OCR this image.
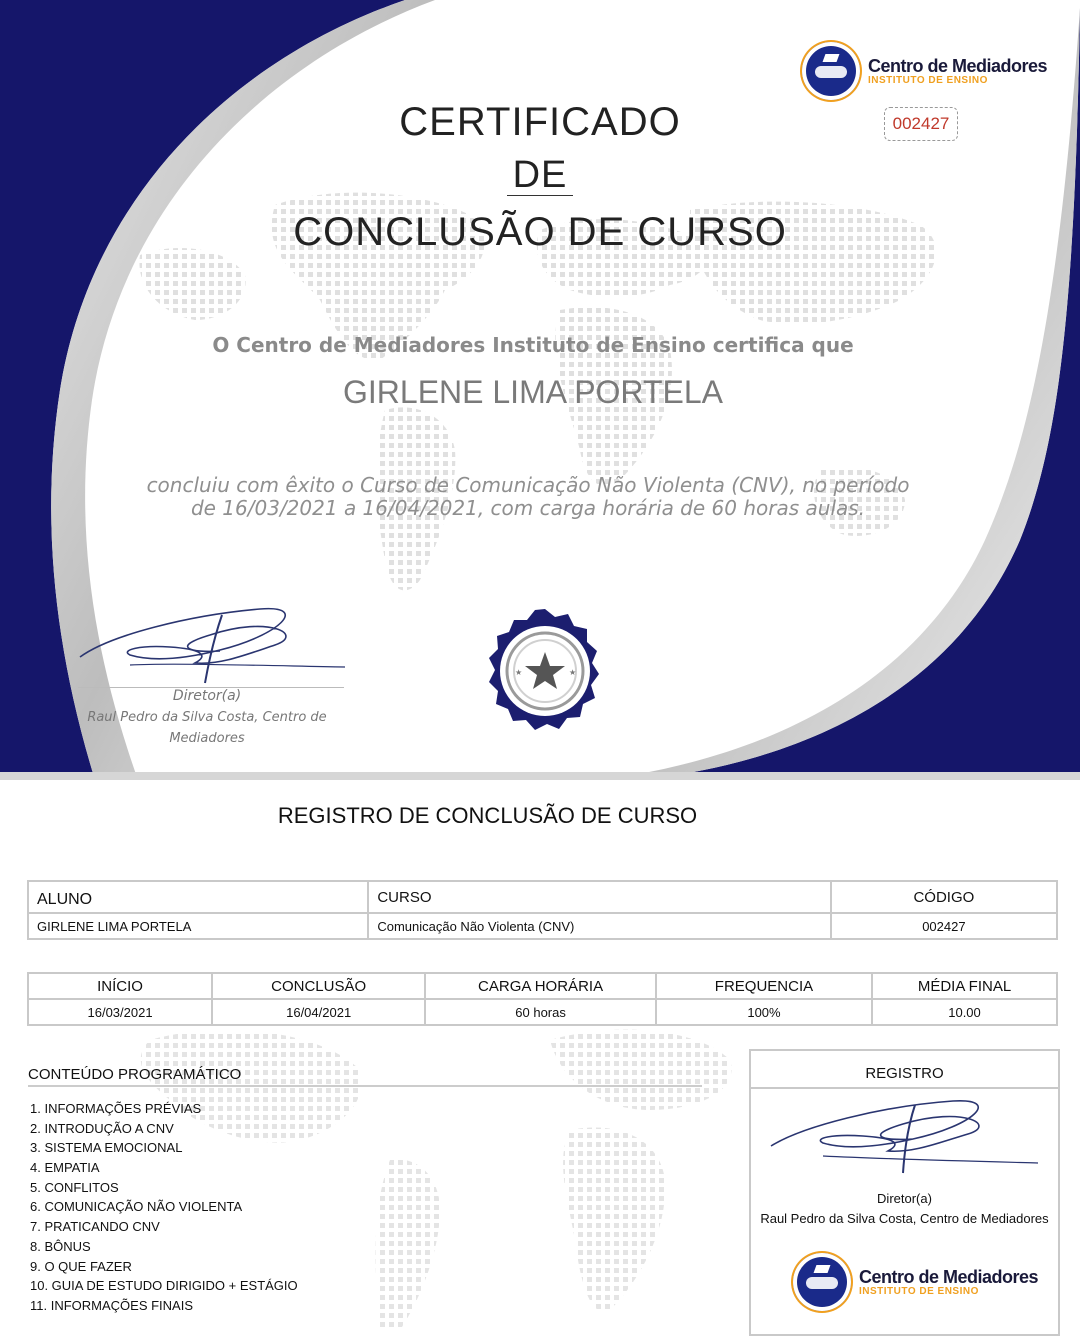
Centro de Mediadores
INSTITUTO DE ENSINO
002427
CERTIFICADO
DE
CONCLUSÃO DE CURSO
O Centro de Mediadores Instituto de Ensino certifica que
GIRLENE LIMA PORTELA
concluiu com êxito o Curso de Comunicação Não Violenta (CNV), no período de 16/03/2021 a 16/04/2021, com carga horária de 60 horas aulas.
Diretor(a)
Raul Pedro da Silva Costa, Centro de Mediadores
★	★
REGISTRO DE CONCLUSÃO DE CURSO
ALUNO	CURSO	CÓDIGO
GIRLENE LIMA PORTELA	Comunicação Não Violenta (CNV)	002427
INÍCIO	CONCLUSÃO	CARGA HORÁRIA	FREQUENCIA	MÉDIA FINAL
16/03/2021	16/04/2021	60 horas	100%	10.00
CONTEÚDO PROGRAMÁTICO
1. INFORMAÇÕES PRÉVIAS
2. INTRODUÇÃO A CNV
3. SISTEMA EMOCIONAL
4. EMPATIA
5. CONFLITOS
6. COMUNICAÇÃO NÃO VIOLENTA
7. PRATICANDO CNV
8. BÔNUS
9. O QUE FAZER
10. GUIA DE ESTUDO DIRIGIDO + ESTÁGIO
11. INFORMAÇÕES FINAIS
REGISTRO
Diretor(a)
Raul Pedro da Silva Costa, Centro de Mediadores
Centro de Mediadores
INSTITUTO DE ENSINO
